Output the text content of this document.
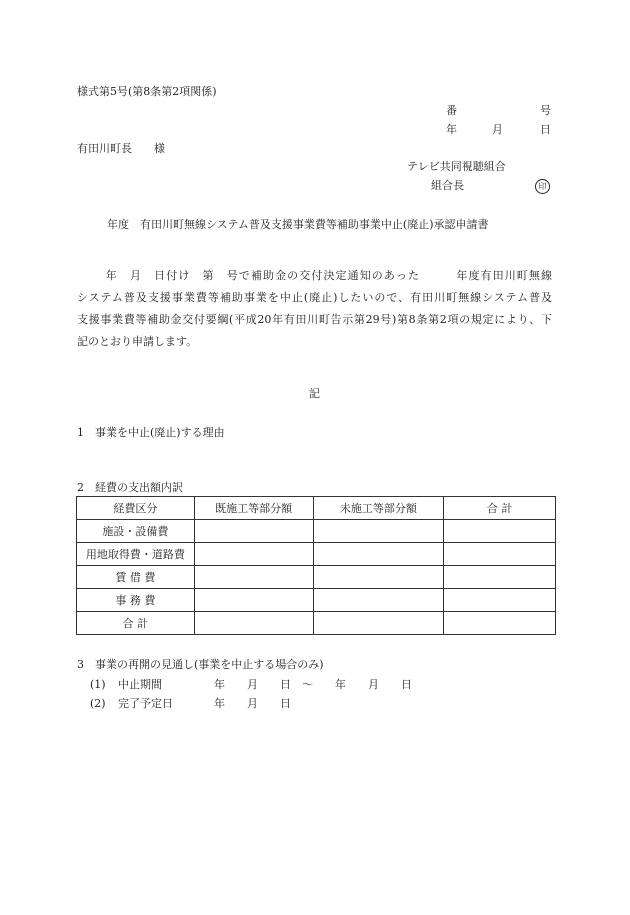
様式第5号(第8条第2項関係)
番	号
年	月	日
有田川町長　　様
テレビ共同視聴組合
組合長	印
年度　有田川町無線システム普及支援事業費等補助事業中止(廃止)承認申請書
　　 年　月　日付け　第　号で補助金の交付決定通知のあった　　　年度有田川町無線
システム普及支援事業費等補助事業を中止(廃止)したいので、有田川町無線システム普及
支援事業費等補助金交付要綱(平成20年有田川町告示第29号)第8条第2項の規定により、下
記のとおり申請します。
記
1　事業を中止(廃止)する理由
2　経費の支出額内訳
経費区分	既施工等部分額	未施工等部分額	合 計
施設・設備費			
用地取得費・道路費			
賃 借 費			
事 務 費			
合 計			
3　事業の再開の見通し(事業を中止する場合のみ)
(1) 中止期間	年　　月　　日　～　　年　　月　　日
(2) 完了予定日	年　　月　　日
